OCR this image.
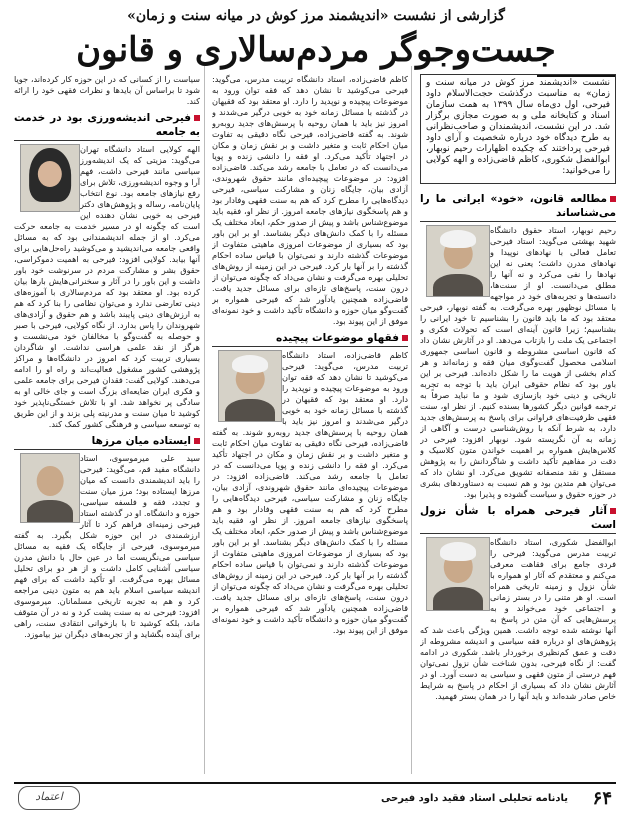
گزارشی از نشست «اندیشمند مرز کوش در میانه سنت و زمان»
جست‌وجوگر مردم‌سالاری و قانون
نشست «اندیشمند مرز کوش در میانه سنت و زمان» به مناسبت درگذشت حجت‌الاسلام داود فیرحی، اول دی‌ماه سال ۱۳۹۹ به همت سازمان اسناد و کتابخانه ملی و به صورت مجازی برگزار شد. در این نشست، اندیشمندان و صاحب‌نظرانی به طرح دیدگاه خود درباره شخصیت و آرای داود فیرحی پرداختند که چکیده اظهارات رحیم نوبهار، ابوالفضل شکوری، کاظم قاضی‌زاده و الهه کولایی را می‌خوانید:
مطالعه قانون، «خود» ایرانی ما را می‌شناساند

رحیم نوبهار، استاد حقوق دانشگاه شهید بهشتی می‌گوید: استاد فیرحی تعامل فعالی با نهادهای نوپیدا و نهادهای مدرن داشت؛ یعنی نه این نهادها را نفی می‌کرد و نه آنها را مطلق می‌دانست. او از سنت‌ها، دانسته‌ها و تجربه‌های خود در مواجهه با مسائل نوظهور بهره می‌گرفت. به گفته نوبهار، فیرحی معتقد بود که ما باید قانون را بشناسیم تا خود ایرانی را بشناسیم؛ زیرا قانون آینه‌ای است که تحولات فکری و اجتماعی یک ملت را بازتاب می‌دهد. او در آثارش نشان داد که قانون اساسی مشروطه و قانون اساسی جمهوری اسلامی محصول گفت‌وگوی میان فقه و زمانه‌اند و هر کدام بخشی از هویت ما را شکل داده‌اند. فیرحی بر این باور بود که نظام حقوقی ایران باید با توجه به تجربه تاریخی و دینی خود بازسازی شود و ما نباید صرفاً به ترجمه قوانین دیگر کشورها بسنده کنیم. از نظر او، سنت فقهی ظرفیت‌های فراوانی برای پاسخ به پرسش‌های جدید دارد، به شرط آنکه با روش‌شناسی درست و آگاهی از زمانه به آن نگریسته شود. نوبهار افزود: فیرحی در کلاس‌هایش همواره بر اهمیت خواندن متون کلاسیک و دقت در مفاهیم تأکید داشت و شاگردانش را به پژوهش مستقل و نقد منصفانه تشویق می‌کرد. او نشان داد که می‌توان هم متدین بود و هم نسبت به دستاوردهای بشری در حوزه حقوق و سیاست گشوده و پذیرا بود.

آثار فیرحی همراه با شأن نزول است

ابوالفضل شکوری، استاد دانشگاه تربیت مدرس می‌گوید: فیرحی را فردی جامع برای فقاهت معرفی می‌کنم و معتقدم که آثار او همواره با شأن نزول و زمینه تاریخی همراه است. او هر متنی را در بستر زمانی و اجتماعی خود می‌خواند و به پرسش‌هایی که آن متن در پاسخ به آنها نوشته شده توجه داشت. همین ویژگی باعث شد که پژوهش‌های او درباره فقه سیاسی و اندیشه مشروطه از دقت و عمق کم‌نظیری برخوردار باشد. شکوری در ادامه گفت: از نگاه فیرحی، بدون شناخت شأن نزول نمی‌توان فهم درستی از متون فقهی و سیاسی به دست آورد. او در آثارش نشان داد که بسیاری از احکام در پاسخ به شرایط خاص صادر شده‌اند و باید آنها را در همان بستر فهمید.

کاظم قاضی‌زاده، استاد دانشگاه تربیت مدرس، می‌گوید: فیرحی می‌کوشید تا نشان دهد که فقه توان ورود به موضوعات پیچیده و نوپدید را دارد. او معتقد بود که فقیهان در گذشته با مسائل زمانه خود به خوبی درگیر می‌شدند و امروز نیز باید با همان روحیه با پرسش‌های جدید روبه‌رو شوند. به گفته قاضی‌زاده، فیرحی نگاه دقیقی به تفاوت میان احکام ثابت و متغیر داشت و بر نقش زمان و مکان در اجتهاد تأکید می‌کرد. او فقه را دانشی زنده و پویا می‌دانست که در تعامل با جامعه رشد می‌کند. قاضی‌زاده افزود: در موضوعات پیچیده‌ای مانند حقوق شهروندی، آزادی بیان، جایگاه زنان و مشارکت سیاسی، فیرحی دیدگاه‌هایی را مطرح کرد که هم به سنت فقهی وفادار بود و هم پاسخگوی نیازهای جامعه امروز. از نظر او، فقیه باید موضوع‌شناس باشد و پیش از صدور حکم، ابعاد مختلف یک مسئله را با کمک دانش‌های دیگر بشناسد. او بر این باور بود که بسیاری از موضوعات امروزی ماهیتی متفاوت از موضوعات گذشته دارند و نمی‌توان با قیاس ساده احکام گذشته را بر آنها بار کرد. فیرحی در این زمینه از روش‌های تحلیلی بهره می‌گرفت و نشان می‌داد که چگونه می‌توان از درون سنت، پاسخ‌های تازه‌ای برای مسائل جدید یافت. قاضی‌زاده همچنین یادآور شد که فیرحی همواره بر گفت‌وگو میان حوزه و دانشگاه تأکید داشت و خود نمونه‌ای موفق از این پیوند بود.

فقهاو موضوعات پیچیده

کاظم قاضی‌زاده، استاد دانشگاه تربیت مدرس، می‌گوید: فیرحی می‌کوشید تا نشان دهد که فقه توان ورود به موضوعات پیچیده و نوپدید را دارد. او معتقد بود که فقیهان در گذشته با مسائل زمانه خود به خوبی درگیر می‌شدند و امروز نیز باید با همان روحیه با پرسش‌های جدید روبه‌رو شوند. به گفته قاضی‌زاده، فیرحی نگاه دقیقی به تفاوت میان احکام ثابت و متغیر داشت و بر نقش زمان و مکان در اجتهاد تأکید می‌کرد. او فقه را دانشی زنده و پویا می‌دانست که در تعامل با جامعه رشد می‌کند. قاضی‌زاده افزود: در موضوعات پیچیده‌ای مانند حقوق شهروندی، آزادی بیان، جایگاه زنان و مشارکت سیاسی، فیرحی دیدگاه‌هایی را مطرح کرد که هم به سنت فقهی وفادار بود و هم پاسخگوی نیازهای جامعه امروز. از نظر او، فقیه باید موضوع‌شناس باشد و پیش از صدور حکم، ابعاد مختلف یک مسئله را با کمک دانش‌های دیگر بشناسد. او بر این باور بود که بسیاری از موضوعات امروزی ماهیتی متفاوت از موضوعات گذشته دارند و نمی‌توان با قیاس ساده احکام گذشته را بر آنها بار کرد. فیرحی در این زمینه از روش‌های تحلیلی بهره می‌گرفت و نشان می‌داد که چگونه می‌توان از درون سنت، پاسخ‌های تازه‌ای برای مسائل جدید یافت. قاضی‌زاده همچنین یادآور شد که فیرحی همواره بر گفت‌وگو میان حوزه و دانشگاه تأکید داشت و خود نمونه‌ای موفق از این پیوند بود.

سیاست را از کسانی که در این حوزه کار کرده‌اند، جویا شود تا براساس آن بایدها و نظرات فقهی خود را ارائه کند.

فیرحی اندیشه‌ورزی بود در خدمت به جامعه

الهه کولایی استاد دانشگاه تهران می‌گوید: مزیتی که یک اندیشه‌ورز سیاسی مانند فیرحی داشت، فهم آرا و وجوه اندیشه‌ورزی، تلاش برای رفع نیازهای جامعه بود. نوع انتخاب پایان‌نامه، رساله و پژوهش‌های دکتر فیرحی به خوبی نشان دهنده این است که چگونه او در مسیر خدمت به جامعه حرکت می‌کرد. او از جمله اندیشمندانی بود که به مسائل واقعی جامعه می‌اندیشید و می‌کوشید راه‌حل‌هایی برای آنها بیابد. کولایی افزود: فیرحی به اهمیت دموکراسی، حقوق بشر و مشارکت مردم در سرنوشت خود باور داشت و این باور را در آثار و سخنرانی‌هایش بارها بیان کرده بود. او معتقد بود که مردم‌سالاری با آموزه‌های دینی تعارضی ندارد و می‌توان نظامی را بنا کرد که هم به ارزش‌های دینی پایبند باشد و هم حقوق و آزادی‌های شهروندان را پاس بدارد. از نگاه کولایی، فیرحی با صبر و حوصله به گفت‌وگو با مخالفان خود می‌نشست و هرگز از نقد علمی هراسی نداشت. او شاگردان بسیاری تربیت کرد که امروز در دانشگاه‌ها و مراکز پژوهشی کشور مشغول فعالیت‌اند و راه او را ادامه می‌دهند. کولایی گفت: فقدان فیرحی برای جامعه علمی و فکری ایران ضایعه‌ای بزرگ است و جای خالی او به سادگی پر نخواهد شد. او با تلاش خستگی‌ناپذیر خود کوشید تا میان سنت و مدرنیته پلی بزند و از این طریق به توسعه سیاسی و فرهنگی کشور کمک کند.

ایستاده میان مرزها

سید علی میرموسوی، استاد دانشگاه مفید قم، می‌گوید: فیرحی را باید اندیشمندی دانست که میان مرزها ایستاده بود؛ مرز میان سنت و تجدد، فقه و فلسفه سیاسی، حوزه و دانشگاه. او در گذشته استاد فیرحی زمینه‌ای فراهم کرد تا آثار ارزشمندی در این حوزه شکل بگیرد. به گفته میرموسوی، فیرحی از جایگاه یک فقیه به مسائل سیاسی می‌نگریست اما در عین حال با دانش مدرن سیاسی آشنایی کامل داشت و از هر دو برای تحلیل مسائل بهره می‌گرفت. او تأکید داشت که برای فهم اندیشه سیاسی اسلام باید هم به متون دینی مراجعه کرد و هم به تجربه تاریخی مسلمانان. میرموسوی افزود: فیرحی نه به سنت پشت کرد و نه در آن متوقف ماند، بلکه کوشید تا با بازخوانی انتقادی سنت، راهی برای آینده بگشاید و از تجربه‌های دیگران نیز بیاموزد.

۶۴
یادنامه تحلیلی استاد فقید داود فیرحی
اعتماد
